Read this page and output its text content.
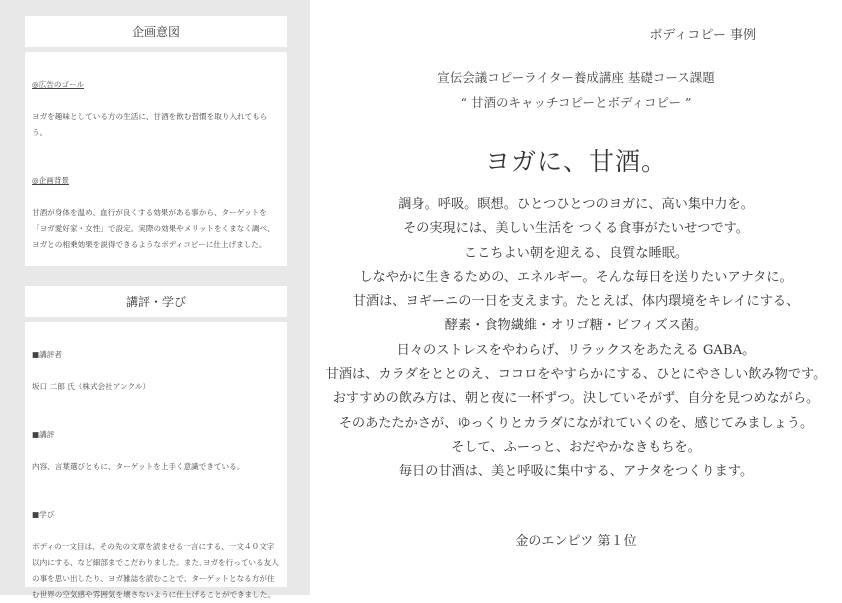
企画意図

◎広告のゴール

ヨガを趣味としている方の生活に、甘酒を飲む習慣を取り入れてもらう。

◎企画背景

甘酒が身体を温め、血行が良くする効果がある事から、ターゲットを「ヨガ愛好家・女性」で設定。実際の効果やメリットをくまなく調べ、ヨガとの相乗効果を説得できるようなボディコピーに仕上げました。

講評・学び

■講評者

坂口 二郎 氏（株式会社アンクル）

■講評

内容、言葉選びともに、ターゲットを上手く意識できている。

■学び

ボディの一文目は、その先の文章を読ませる一言にする、一文４０文字以内にする、など細部までこだわりました。また､ヨガを行っている友人の事を思い出したり、ヨガ雑誌を読むことで、ターゲットとなる方が住む世界の空気感や雰囲気を壊さないように仕上げることができました。

ボディコピー 事例
宣伝会議コピーライター養成講座 基礎コース課題
“ 甘酒のキャッチコピーとボディコピー ”
ヨガに、甘酒。
調身。呼吸。瞑想。ひとつひとつのヨガに、高い集中力を。
その実現には、美しい生活を つくる食事がたいせつです。
ここちよい朝を迎える、良質な睡眠。
しなやかに生きるための、エネルギー。そんな毎日を送りたいアナタに。
甘酒は、ヨギーニの一日を支えます。たとえば、体内環境をキレイにする、
酵素・食物繊維・オリゴ糖・ビフィズス菌。
日々のストレスをやわらげ、リラックスをあたえる GABA。
甘酒は、カラダをととのえ、ココロをやすらかにする、ひとにやさしい飲み物です。
おすすめの飲み方は、朝と夜に一杯ずつ。決していそがず、自分を見つめながら。
そのあたたかさが、ゆっくりとカラダにながれていくのを、感じてみましょう。
そして、ふーっと、おだやかなきもちを。
毎日の甘酒は、美と呼吸に集中する、アナタをつくります。
金のエンピツ 第１位
